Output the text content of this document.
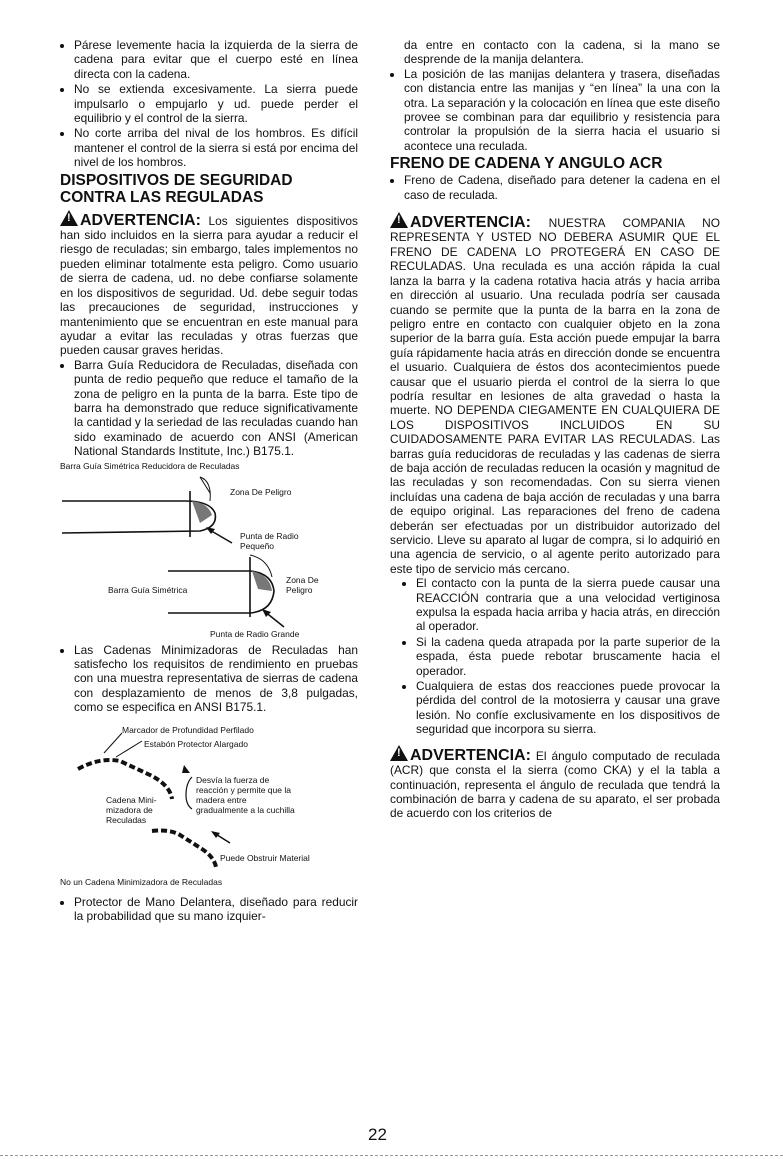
• Párese levemente hacia la izquierda de la sierra de cadena para evitar que el cuerpo esté en línea directa con la cadena.
• No se extienda excesivamente. La sierra puede impulsarlo o empujarlo y ud. puede perder el equilibrio y el control de la sierra.
• No corte arriba del nival de los hombros. Es difícil mantener el control de la sierra si está por encima del nivel de los hombros.
DISPOSITIVOS DE SEGURIDAD CONTRA LAS REGULADAS

!ADVERTENCIA: Los siguientes dispositivos han sido incluidos en la sierra para ayudar a reducir el riesgo de reculadas; sin embargo, tales implementos no pueden eliminar totalmente esta peligro. Como usuario de sierra de cadena, ud. no debe confiarse solamente en los dispositivos de seguridad. Ud. debe seguir todas las precauciones de seguridad, instrucciones y mantenimiento que se encuentran en este manual para ayudar a evitar las reculadas y otras fuerzas que pueden causar graves heridas.

• Barra Guía Reducidora de Reculadas, diseñada con punta de redio pequeño que reduce el tamaño de la zona de peligro en la punta de la barra. Este tipo de barra ha demonstrado que reduce significativamente la cantidad y la seriedad de las reculadas cuando han sido examinado de acuerdo con ANSI (American National Standards Institute, Inc.) B175.1.
Barra Guía Simétrica Reducidora de Reculadas
Zona De Peligro
Punta de Radio Pequeño
Barra Guía Simétrica
Zona De Peligro
Punta de Radio Grande
• Las Cadenas Minimizadoras de Reculadas han satisfecho los requisitos de rendimiento en pruebas con una muestra representativa de sierras de cadena con desplazamiento de menos de 3,8 pulgadas, como se especifica en ANSI B175.1.
Marcador de Profundidad Perfilado
Estabón Protector Alargado
Desvía la fuerza de reacción y permite que la madera entre gradualmente a la cuchilla
Cadena Mini- mizadora de Reculadas
Puede Obstruir Material
No un Cadena Minimizadora de Reculadas
• Protector de Mano Delantera, diseñado para reducir la probabilidad que su mano izquier-

da entre en contacto con la cadena, si la mano se desprende de la manija delantera.

• La posición de las manijas delantera y trasera, diseñadas con distancia entre las manijas y “en línea” la una con la otra. La separación y la colocación en línea que este diseño provee se combinan para dar equilibrio y resistencia para controlar la propulsión de la sierra hacia el usuario si acontece una reculada.
FRENO DE CADENA Y ANGULO ACR
• Freno de Cadena, diseñado para detener la cadena en el caso de reculada.

!ADVERTENCIA: NUESTRA COMPANIA NO REPRESENTA Y USTED NO DEBERA ASUMIR QUE EL FRENO DE CADENA LO PROTEGERÁ EN CASO DE RECULADAS. Una reculada es una acción rápida la cual lanza la barra y la cadena rotativa hacia atrás y hacia arriba en dirección al usuario. Una reculada podría ser causada cuando se permite que la punta de la barra en la zona de peligro entre en contacto con cualquier objeto en la zona superior de la barra guía. Esta acción puede empujar la barra guía rápidamente hacia atrás en dirección donde se encuentra el usuario. Cualquiera de éstos dos acontecimientos puede causar que el usuario pierda el control de la sierra lo que podría resultar en lesiones de alta gravedad o hasta la muerte. NO DEPENDA CIEGAMENTE EN CUALQUIERA DE LOS DISPOSITIVOS INCLUIDOS EN SU CUIDADOSAMENTE PARA EVITAR LAS RECULADAS. Las barras guía reducidoras de reculadas y las cadenas de sierra de baja acción de reculadas reducen la ocasión y magnitud de las reculadas y son recomendadas. Con su sierra vienen incluídas una cadena de baja acción de reculadas y una barra de equipo original. Las reparaciones del freno de cadena deberán ser efectuadas por un distribuidor autorizado del servicio. Lleve su aparato al lugar de compra, si lo adquirió en una agencia de servicio, o al agente perito autorizado para este tipo de servicio más cercano.

• El contacto con la punta de la sierra puede causar una REACCIÓN contraria que a una velocidad vertiginosa expulsa la espada hacia arriba y hacia atrás, en dirección al operador.
• Si la cadena queda atrapada por la parte superior de la espada, ésta puede rebotar bruscamente hacia el operador.
• Cualquiera de estas dos reacciones puede provocar la pérdida del control de la motosierra y causar una grave lesión. No confíe exclusivamente en los dispositivos de seguridad que incorpora su sierra.

!ADVERTENCIA: El ángulo computado de reculada (ACR) que consta el la sierra (como CKA) y el la tabla a continuación, representa el ángulo de reculada que tendrá la combinación de barra y cadena de su aparato, el ser probada de acuerdo con los criterios de

22
